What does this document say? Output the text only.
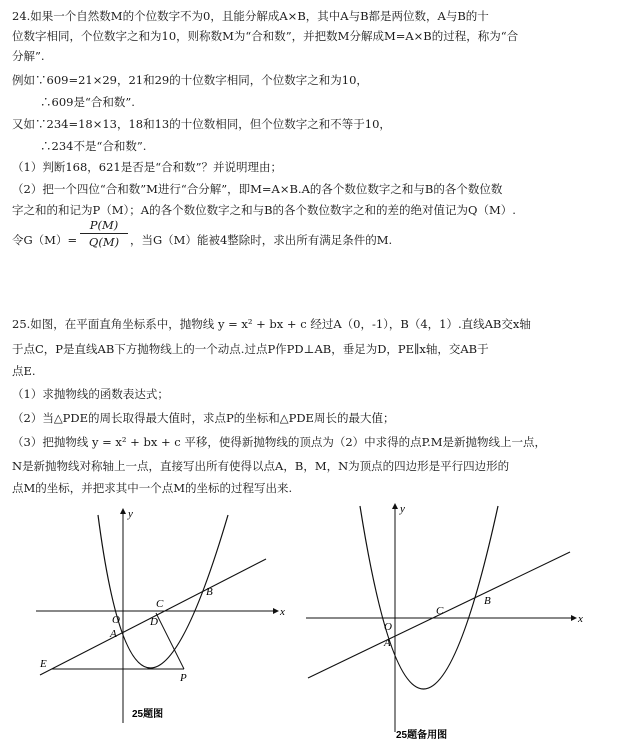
24.如果一个自然数M的个位数字不为0，且能分解成A×B，其中A与B都是两位数，A与B的十
位数字相同，个位数字之和为10，则称数M为“合和数”，并把数M分解成M=A×B的过程，称为“合
分解”.
例如∵609=21×29，21和29的十位数字相同，个位数字之和为10，
∴609是“合和数”.
又如∵234=18×13，18和13的十位数相同，但个位数字之和不等于10，
∴234不是“合和数”.
（1）判断168，621是否是“合和数”？并说明理由；
（2）把一个四位“合和数”M进行“合分解”，即M=A×B.A的各个数位数字之和与B的各个数位数
字之和的和记为P（M）；A的各个数位数字之和与B的各个数位数字之和的差的绝对值记为Q（M）.
令G（M）=
P(M)
Q(M) ，当G（M）能被4整除时，求出所有满足条件的M.
25.如图，在平面直角坐标系中，抛物线 y = x² + bx + c 经过A（0，-1），B（4，1）.直线AB交x轴
于点C，P是直线AB下方抛物线上的一个动点.过点P作PD⊥AB，垂足为D，PE∥x轴，交AB于
点E.
（1）求抛物线的函数表达式；
（2）当△PDE的周长取得最大值时，求点P的坐标和△PDE周长的最大值；
（3）把抛物线 y = x² + bx + c 平移，使得新抛物线的顶点为（2）中求得的点P.M是新抛物线上一点，
N是新抛物线对称轴上一点，直接写出所有使得以点A，B，M，N为顶点的四边形是平行四边形的
点M的坐标，并把求其中一个点M的坐标的过程写出来.
y
x
O
A
B
C
D
E
P
25题图
y
x
O
A
B
C
25题备用图
